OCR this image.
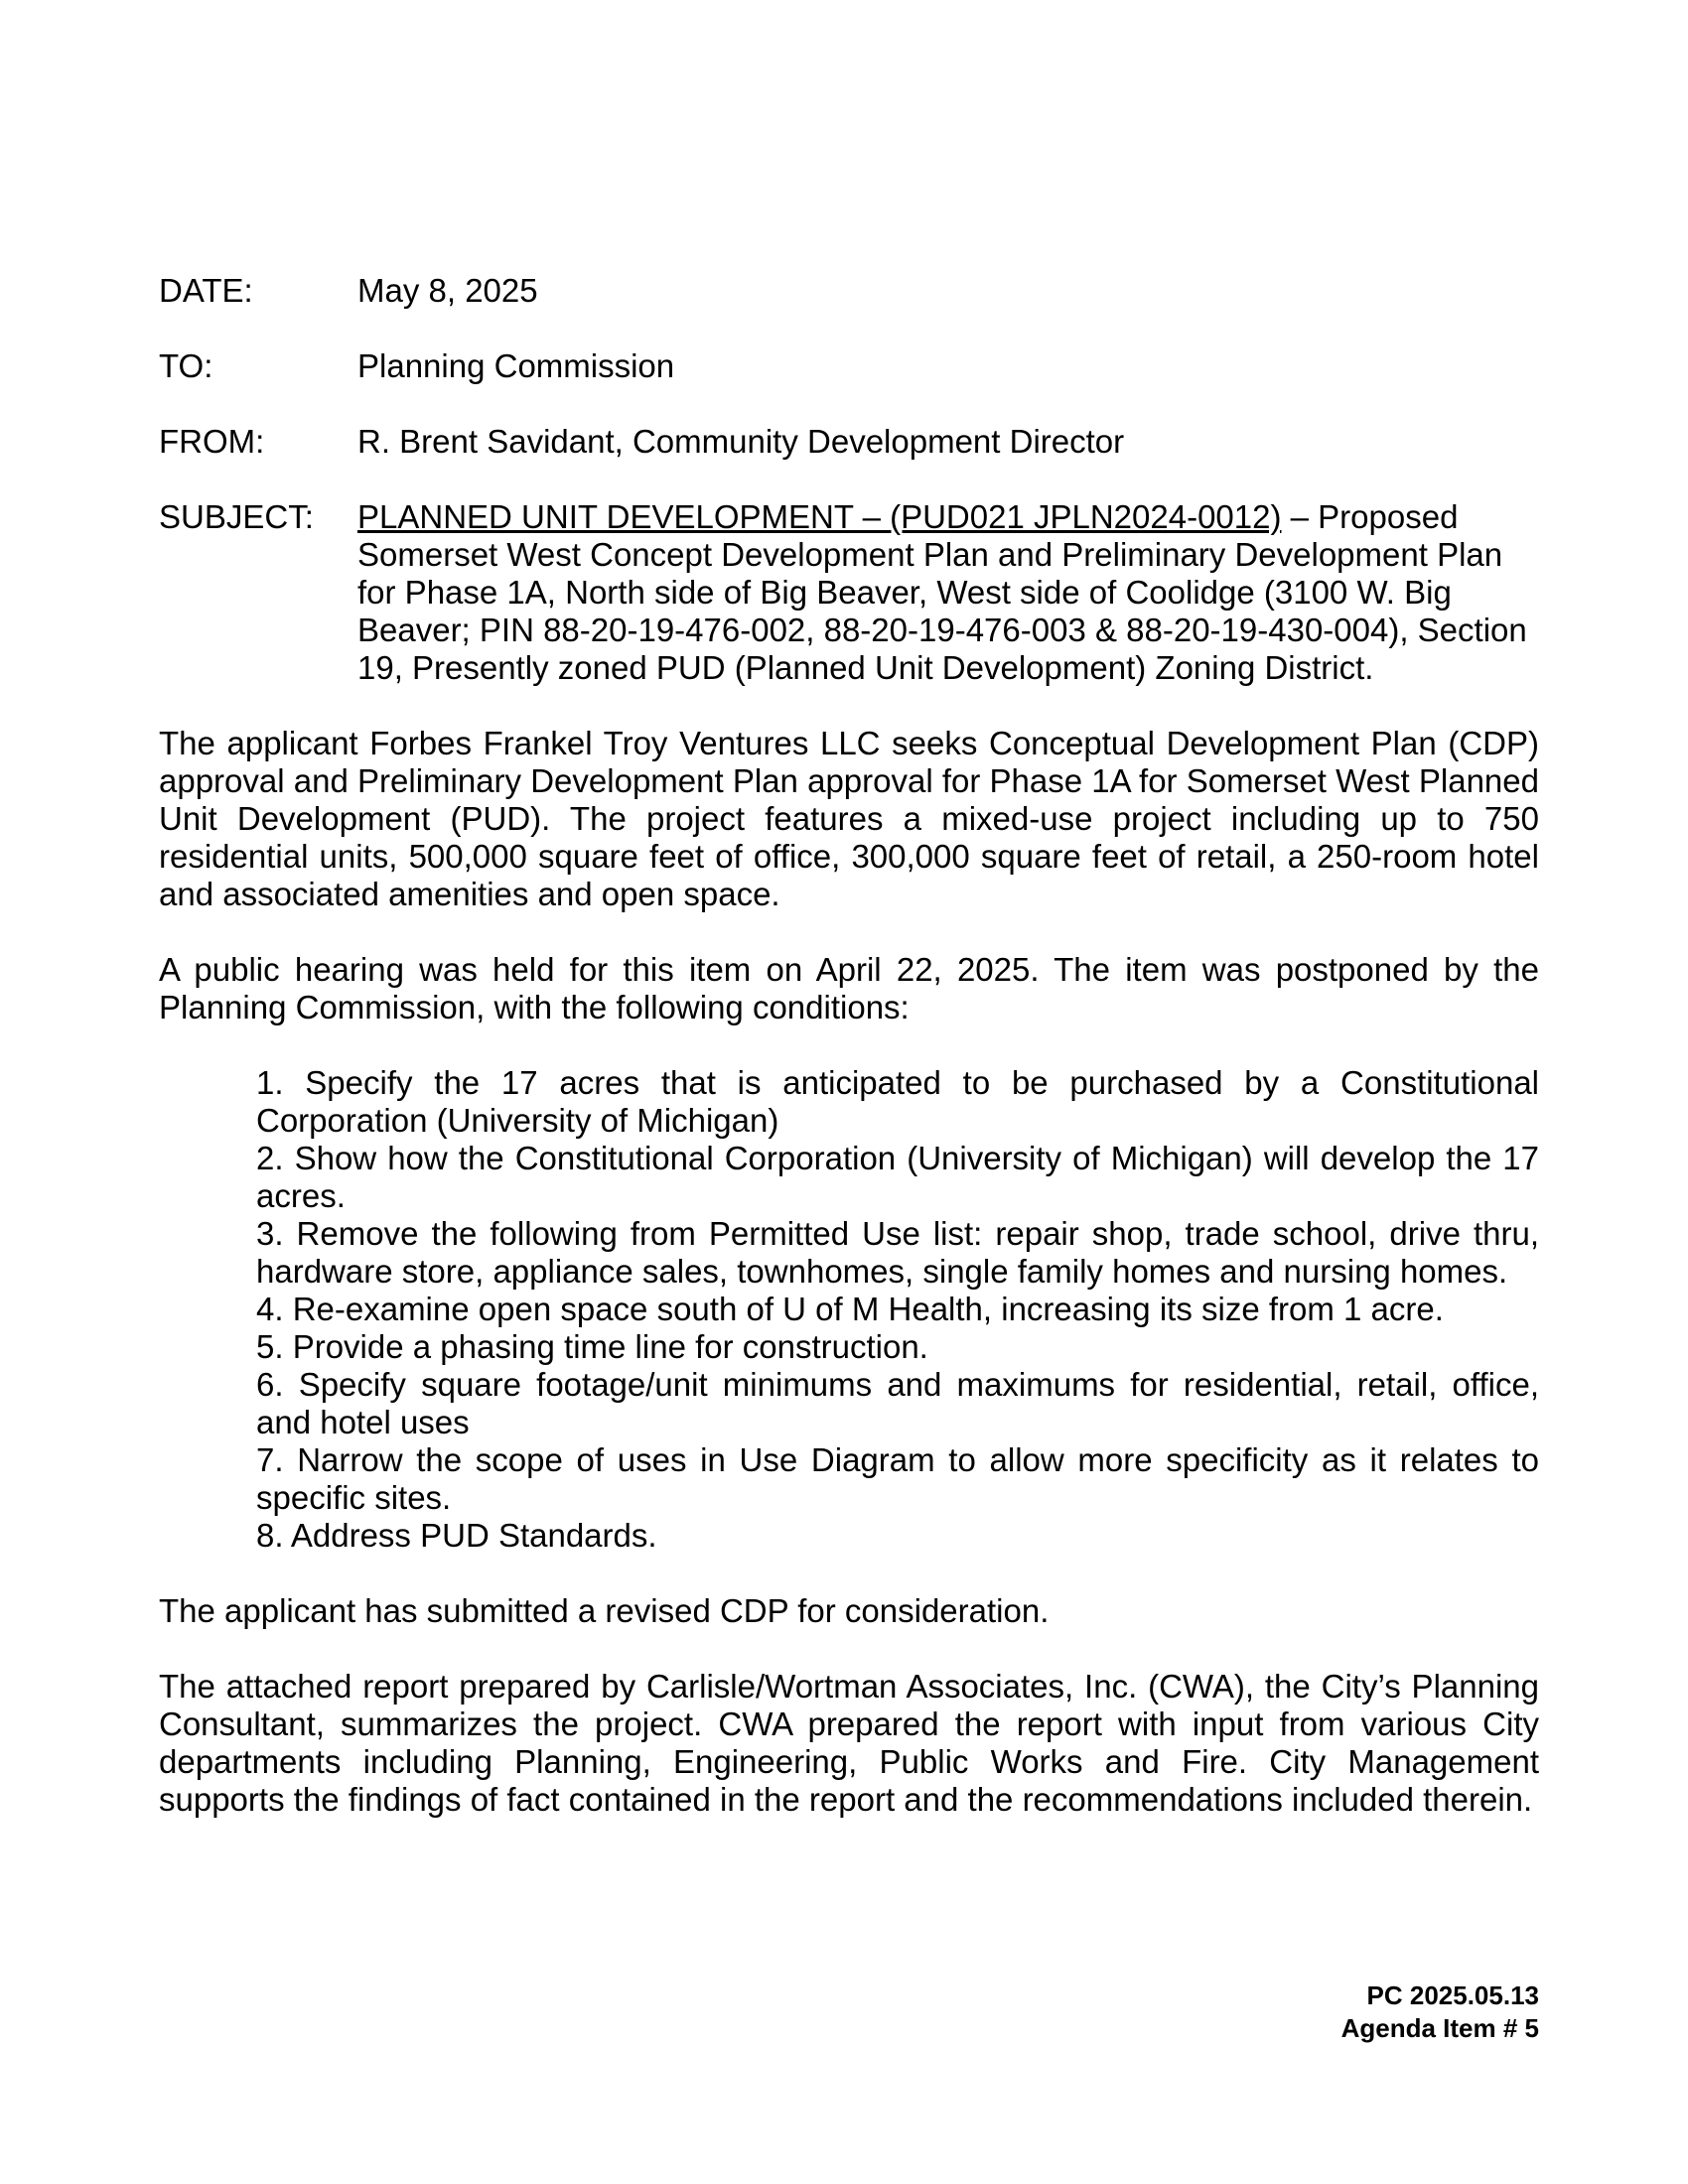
DATE:	May 8, 2025
TO:	Planning Commission
FROM:	R. Brent Savidant, Community Development Director
SUBJECT:	PLANNED UNIT DEVELOPMENT – (PUD021 JPLN2024-0012) – Proposed Somerset West Concept Development Plan and Preliminary Development Plan for Phase 1A, North side of Big Beaver, West side of Coolidge (3100 W. Big Beaver; PIN 88-20-19-476-002, 88-20-19-476-003 & 88-20-19-430-004), Section 19, Presently zoned PUD (Planned Unit Development) Zoning District.

The applicant Forbes Frankel Troy Ventures LLC seeks Conceptual Development Plan (CDP) approval and Preliminary Development Plan approval for Phase 1A for Somerset West Planned Unit Development (PUD). The project features a mixed-use project including up to 750 residential units, 500,000 square feet of office, 300,000 square feet of retail, a 250-room hotel and associated amenities and open space.

A public hearing was held for this item on April 22, 2025. The item was postponed by the Planning Commission, with the following conditions:

1. Specify the 17 acres that is anticipated to be purchased by a Constitutional Corporation (University of Michigan)
2. Show how the Constitutional Corporation (University of Michigan) will develop the 17 acres.
3. Remove the following from Permitted Use list: repair shop, trade school, drive thru, hardware store, appliance sales, townhomes, single family homes and nursing homes.
4. Re-examine open space south of U of M Health, increasing its size from 1 acre.
5. Provide a phasing time line for construction.
6. Specify square footage/unit minimums and maximums for residential, retail, office, and hotel uses
7. Narrow the scope of uses in Use Diagram to allow more specificity as it relates to specific sites.
8. Address PUD Standards.

The applicant has submitted a revised CDP for consideration.

The attached report prepared by Carlisle/Wortman Associates, Inc. (CWA), the City’s Planning Consultant, summarizes the project. CWA prepared the report with input from various City departments including Planning, Engineering, Public Works and Fire. City Management supports the findings of fact contained in the report and the recommendations included therein.

PC 2025.05.13
Agenda Item # 5
